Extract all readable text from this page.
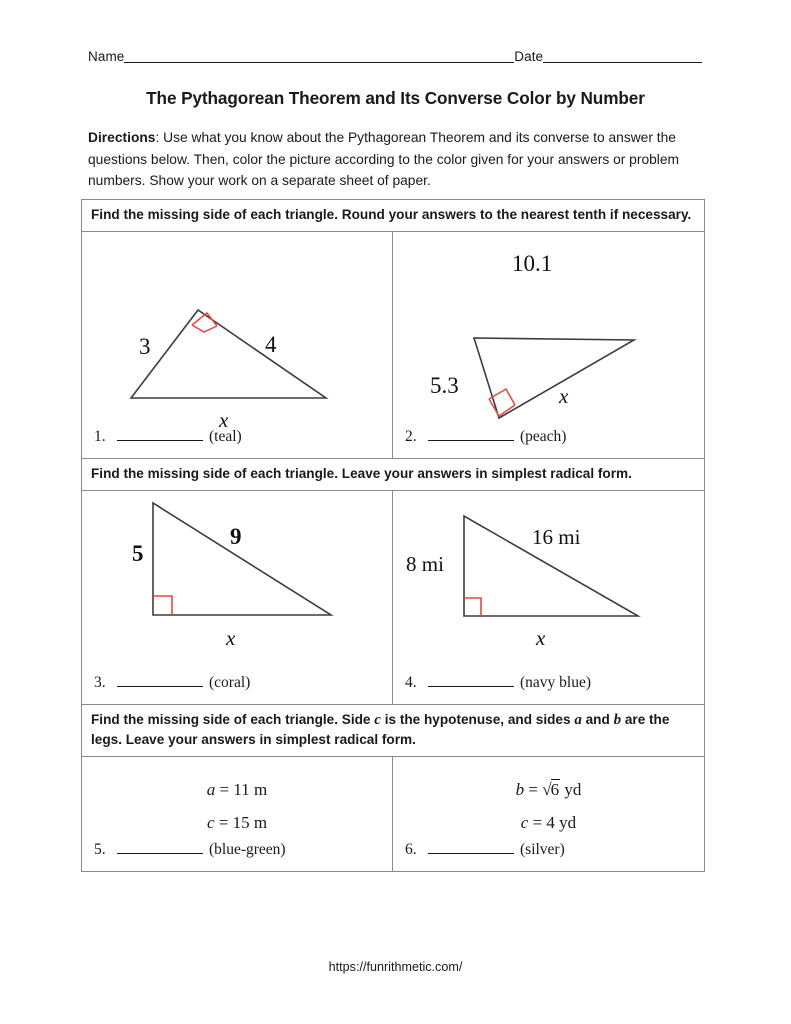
Name	Date
The Pythagorean Theorem and Its Converse Color by Number
Directions: Use what you know about the Pythagorean Theorem and its converse to answer the questions below. Then, color the picture according to the color given for your answers or problem numbers. Show your work on a separate sheet of paper.
Find the missing side of each triangle. Round your answers to the nearest tenth if necessary.
3	4
x
1.	(teal)
10.1
5.3	x
2.	(peach)
Find the missing side of each triangle. Leave your answers in simplest radical form.
5
9
x
3.	(coral)
8 mi
16 mi
x
4.	(navy blue)
Find the missing side of each triangle. Side c is the hypotenuse, and sides a and b are the legs. Leave your answers in simplest radical form.
a = 11 m
c = 15 m
5.	(blue-green)
b = √6 yd
c = 4 yd
6.	(silver)
https://funrithmetic.com/
